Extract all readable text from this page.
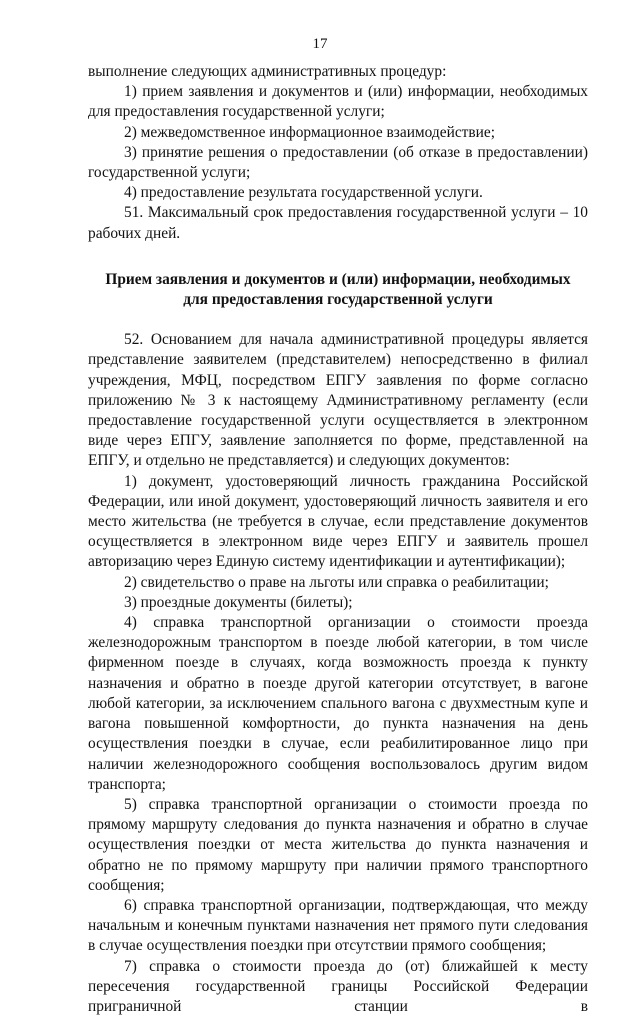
17

выполнение следующих административных процедур:

1) прием заявления и документов и (или) информации, необходимых для предоставления государственной услуги;

2) межведомственное информационное взаимодействие;

3) принятие решения о предоставлении (об отказе в предоставлении) государственной услуги;

4) предоставление результата государственной услуги.

51. Максимальный срок предоставления государственной услуги – 10 рабочих дней.

Прием заявления и документов и (или) информации, необходимых для предоставления государственной услуги

52. Основанием для начала административной процедуры является представление заявителем (представителем) непосредственно в филиал учреждения, МФЦ, посредством ЕПГУ заявления по форме согласно приложению № 3 к настоящему Административному регламенту (если предоставление государственной услуги осуществляется в электронном виде через ЕПГУ, заявление заполняется по форме, представленной на ЕПГУ, и отдельно не представляется) и следующих документов:

1) документ, удостоверяющий личность гражданина Российской Федерации, или иной документ, удостоверяющий личность заявителя и его место жительства (не требуется в случае, если представление документов осуществляется в электронном виде через ЕПГУ и заявитель прошел авторизацию через Единую систему идентификации и аутентификации);

2) свидетельство о праве на льготы или справка о реабилитации;

3) проездные документы (билеты);

4) справка транспортной организации о стоимости проезда железнодорожным транспортом в поезде любой категории, в том числе фирменном поезде в случаях, когда возможность проезда к пункту назначения и обратно в поезде другой категории отсутствует, в вагоне любой категории, за исключением спального вагона с двухместным купе и вагона повышенной комфортности, до пункта назначения на день осуществления поездки в случае, если реабилитированное лицо при наличии железнодорожного сообщения воспользовалось другим видом транспорта;

5) справка транспортной организации о стоимости проезда по прямому маршруту следования до пункта назначения и обратно в случае осуществления поездки от места жительства до пункта назначения и обратно не по прямому маршруту при наличии прямого транспортного сообщения;

6) справка транспортной организации, подтверждающая, что между начальным и конечным пунктами назначения нет прямого пути следования в случае осуществления поездки при отсутствии прямого сообщения;

7) справка о стоимости проезда до (от) ближайшей к месту пересечения государственной границы Российской Федерации приграничной станции в
